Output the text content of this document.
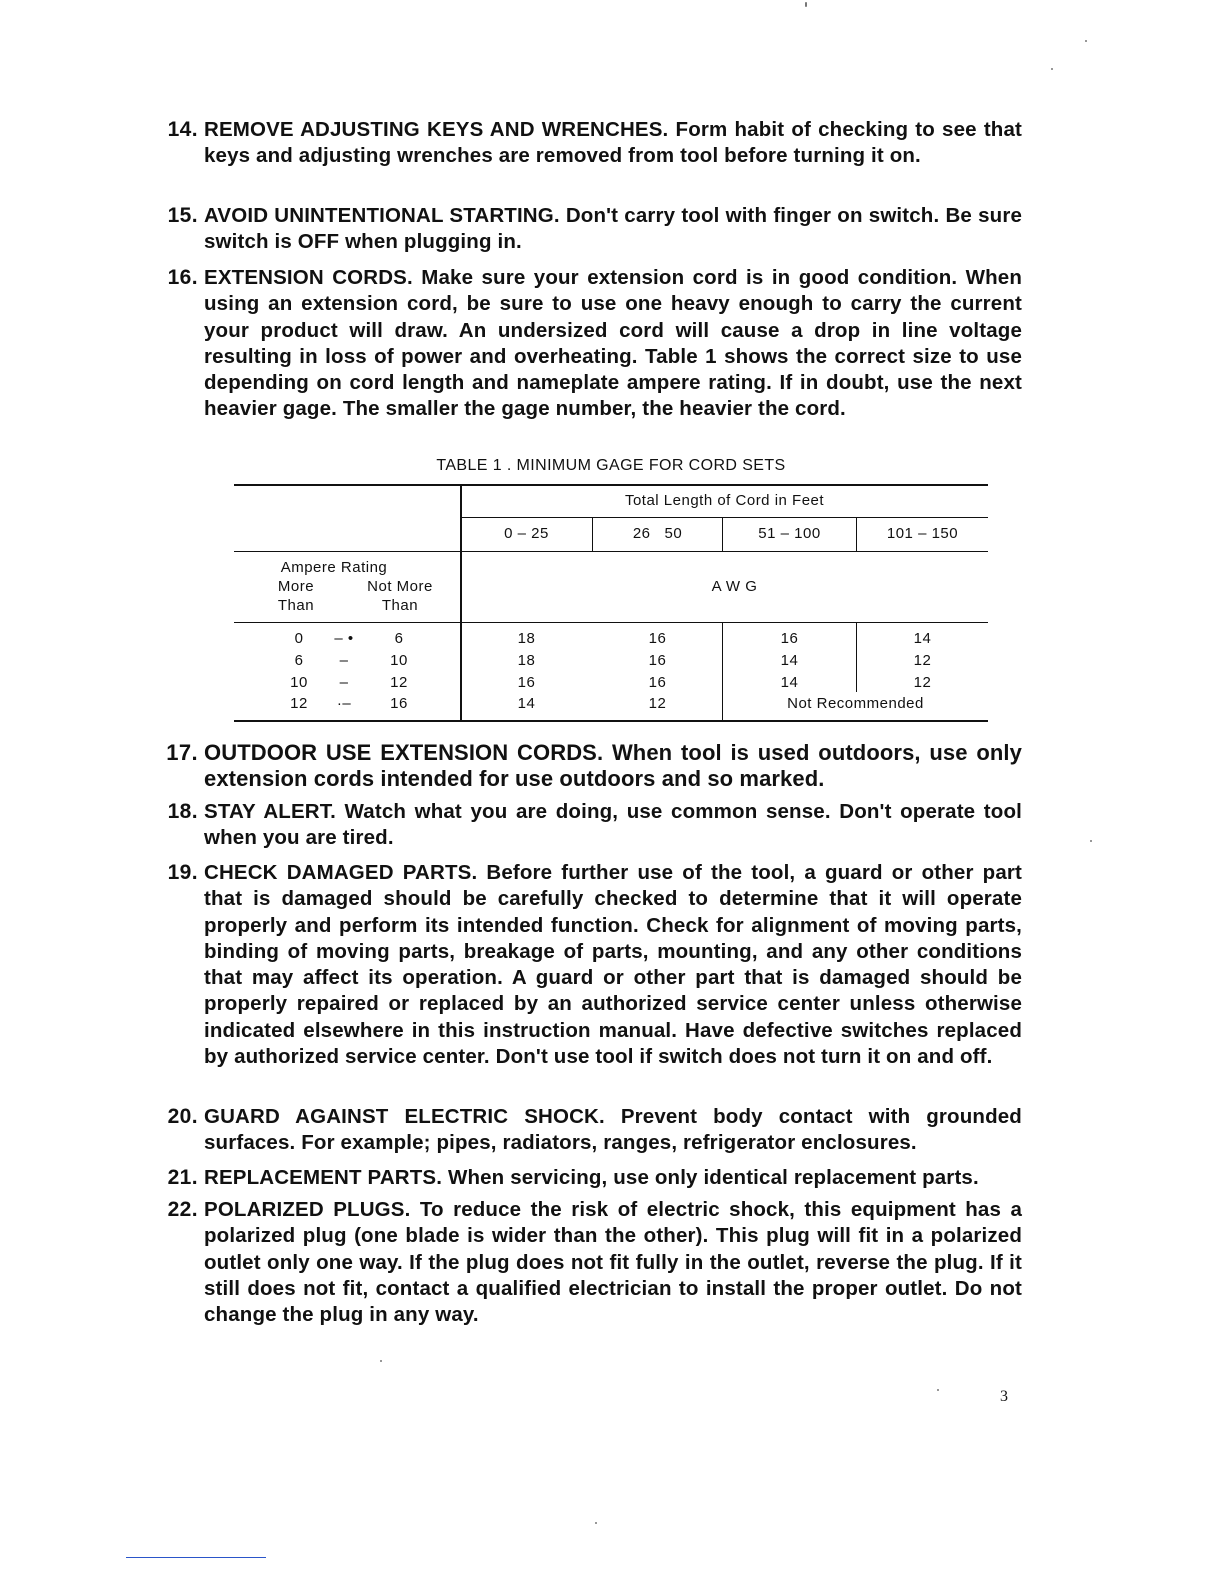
14. REMOVE ADJUSTING KEYS AND WRENCHES. Form habit of checking to see that keys and adjusting wrenches are removed from tool before turning it on.
15. AVOID UNINTENTIONAL STARTING. Don't carry tool with finger on switch. Be sure switch is OFF when plugging in.
16. EXTENSION CORDS. Make sure your extension cord is in good condition. When using an extension cord, be sure to use one heavy enough to carry the current your product will draw. An undersized cord will cause a drop in line voltage resulting in loss of power and overheating. Table 1 shows the correct size to use depending on cord length and nameplate ampere rating. If in doubt, use the next heavier gage. The smaller the gage number, the heavier the cord.
TABLE 1 . MINIMUM GAGE FOR CORD SETS
Total Length of Cord in Feet
0 – 25	26   50	51 – 100	101 – 150
Ampere Rating
More
Than
Not More
Than
A W G
0	– •	6	18	16	16	14
6	–	10	18	16	14	12
10	–	12	16	16	14	12
12	·–	16	14	12	Not Recommended
17. OUTDOOR USE EXTENSION CORDS. When tool is used outdoors, use only extension cords intended for use outdoors and so marked.
18. STAY ALERT. Watch what you are doing, use common sense. Don't operate tool when you are tired.
19. CHECK DAMAGED PARTS. Before further use of the tool, a guard or other part that is damaged should be carefully checked to determine that it will operate properly and perform its intended function. Check for alignment of moving parts, binding of moving parts, breakage of parts, mounting, and any other conditions that may affect its operation. A guard or other part that is damaged should be properly repaired or replaced by an authorized service center unless otherwise indicated elsewhere in this instruction manual. Have defective switches replaced by authorized service center. Don't use tool if switch does not turn it on and off.
20. GUARD AGAINST ELECTRIC SHOCK. Prevent body contact with grounded surfaces. For example; pipes, radiators, ranges, refrigerator enclosures.
21. REPLACEMENT PARTS. When servicing, use only identical replacement parts.
22. POLARIZED PLUGS. To reduce the risk of electric shock, this equipment has a polarized plug (one blade is wider than the other). This plug will fit in a polarized outlet only one way. If the plug does not fit fully in the outlet, reverse the plug. If it still does not fit, contact a qualified electrician to install the proper outlet. Do not change the plug in any way.
3
